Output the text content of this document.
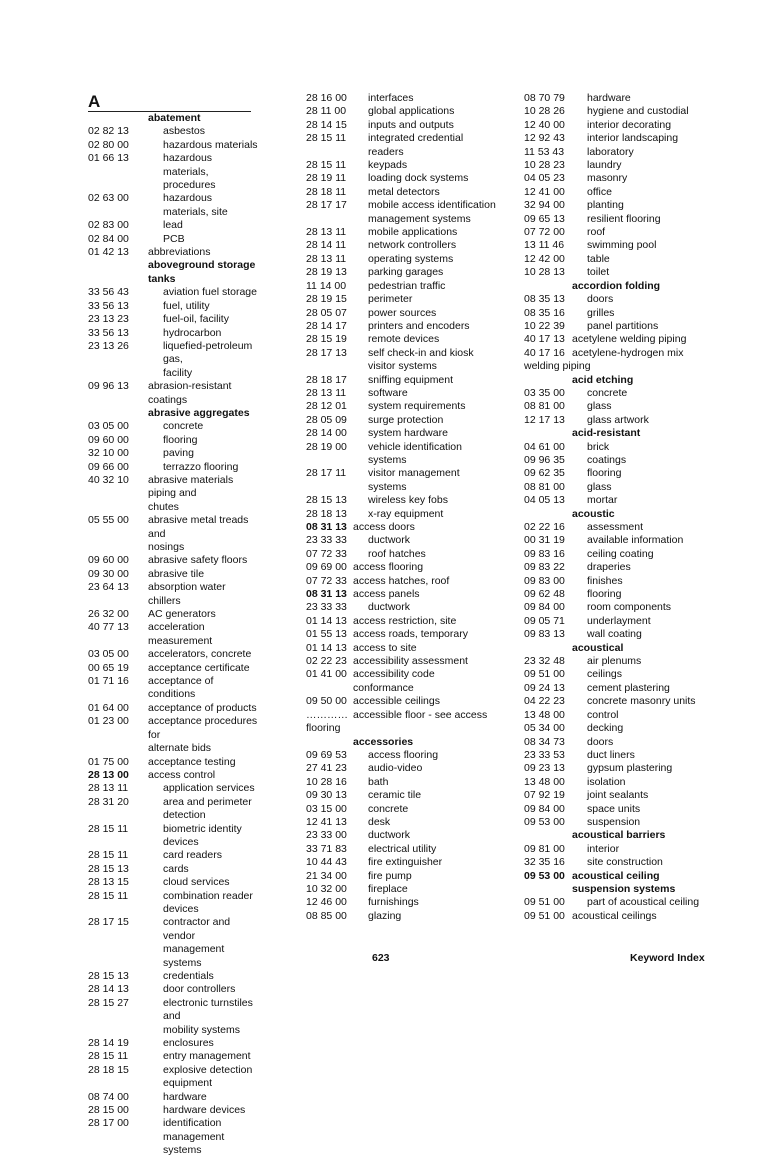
A
abatement
02 82 13	asbestos
02 80 00	hazardous materials
01 66 13	hazardous materials,
procedures
02 63 00	hazardous materials, site
02 83 00	lead
02 84 00	PCB
01 42 13	abbreviations
aboveground storage tanks
33 56 43	aviation fuel storage
33 56 13	fuel, utility
23 13 23	fuel-oil, facility
33 56 13	hydrocarbon
23 13 26	liquefied-petroleum gas,
facility
09 96 13	abrasion-resistant coatings
abrasive aggregates
03 05 00	concrete
09 60 00	flooring
32 10 00	paving
09 66 00	terrazzo flooring
40 32 10	abrasive materials piping and
chutes
05 55 00	abrasive metal treads and
nosings
09 60 00	abrasive safety floors
09 30 00	abrasive tile
23 64 13	absorption water chillers
26 32 00	AC generators
40 77 13	acceleration measurement
03 05 00	accelerators, concrete
00 65 19	acceptance certificate
01 71 16	acceptance of conditions
01 64 00	acceptance of products
01 23 00	acceptance procedures for
alternate bids
01 75 00	acceptance testing
28 13 00	access control
28 13 11	application services
28 31 20	area and perimeter
detection
28 15 11	biometric identity devices
28 15 11	card readers
28 15 13	cards
28 13 15	cloud services
28 15 11	combination reader devices
28 17 15	contractor and vendor
management systems
28 15 13	credentials
28 14 13	door controllers
28 15 27	electronic turnstiles and
mobility systems
28 14 19	enclosures
28 15 11	entry management
28 18 15	explosive detection
equipment
08 74 00	hardware
28 15 00	hardware devices
28 17 00	identification management
systems
28 16 00	interfaces
28 11 00	global applications
28 14 15	inputs and outputs
28 15 11	integrated credential
readers
28 15 11	keypads
28 19 11	loading dock systems
28 18 11	metal detectors
28 17 17	mobile access identification
management systems
28 13 11	mobile applications
28 14 11	network controllers
28 13 11	operating systems
28 19 13	parking garages
11 14 00	pedestrian traffic
28 19 15	perimeter
28 05 07	power sources
28 14 17	printers and encoders
28 15 19	remote devices
28 17 13	self check-in and kiosk
visitor systems
28 18 17	sniffing equipment
28 13 11	software
28 12 01	system requirements
28 05 09	surge protection
28 14 00	system hardware
28 19 00	vehicle identification
systems
28 17 11	visitor management
systems
28 15 13	wireless key fobs
28 18 13	x-ray equipment
08 31 13 access doors
23 33 33	ductwork
07 72 33	roof hatches
09 69 00 access flooring
07 72 33 access hatches, roof
08 31 13 access panels
23 33 33	ductwork
01 14 13 access restriction, site
01 55 13 access roads, temporary
01 14 13 access to site
02 22 23 accessibility assessment
01 41 00 accessibility code
conformance
09 50 00 accessible ceilings
………… accessible floor - see access
flooring
accessories
09 69 53	access flooring
27 41 23	audio-video
10 28 16	bath
09 30 13	ceramic tile
03 15 00	concrete
12 41 13	desk
23 33 00	ductwork
33 71 83	electrical utility
10 44 43	fire extinguisher
21 34 00	fire pump
10 32 00	fireplace
12 46 00	furnishings
08 85 00	glazing
08 70 79	hardware
10 28 26	hygiene and custodial
12 40 00	interior decorating
12 92 43	interior landscaping
11 53 43	laboratory
10 28 23	laundry
04 05 23	masonry
12 41 00	office
32 94 00	planting
09 65 13	resilient flooring
07 72 00	roof
13 11 46	swimming pool
12 42 00	table
10 28 13	toilet
accordion folding
08 35 13	doors
08 35 16	grilles
10 22 39	panel partitions
40 17 13 acetylene welding piping
40 17 16 acetylene-hydrogen mix
welding piping
acid etching
03 35 00	concrete
08 81 00	glass
12 17 13	glass artwork
acid-resistant
04 61 00	brick
09 96 35	coatings
09 62 35	flooring
08 81 00	glass
04 05 13	mortar
acoustic
02 22 16	assessment
00 31 19	available information
09 83 16	ceiling coating
09 83 22	draperies
09 83 00	finishes
09 62 48	flooring
09 84 00	room components
09 05 71	underlayment
09 83 13	wall coating
acoustical
23 32 48	air plenums
09 51 00	ceilings
09 24 13	cement plastering
04 22 23	concrete masonry units
13 48 00	control
05 34 00	decking
08 34 73	doors
23 33 53	duct liners
09 23 13	gypsum plastering
13 48 00	isolation
07 92 19	joint sealants
09 84 00	space units
09 53 00	suspension
acoustical barriers
09 81 00	interior
32 35 16	site construction
09 53 00 acoustical ceiling
suspension systems
09 51 00	part of acoustical ceiling
09 51 00 acoustical ceilings
623	Keyword Index
